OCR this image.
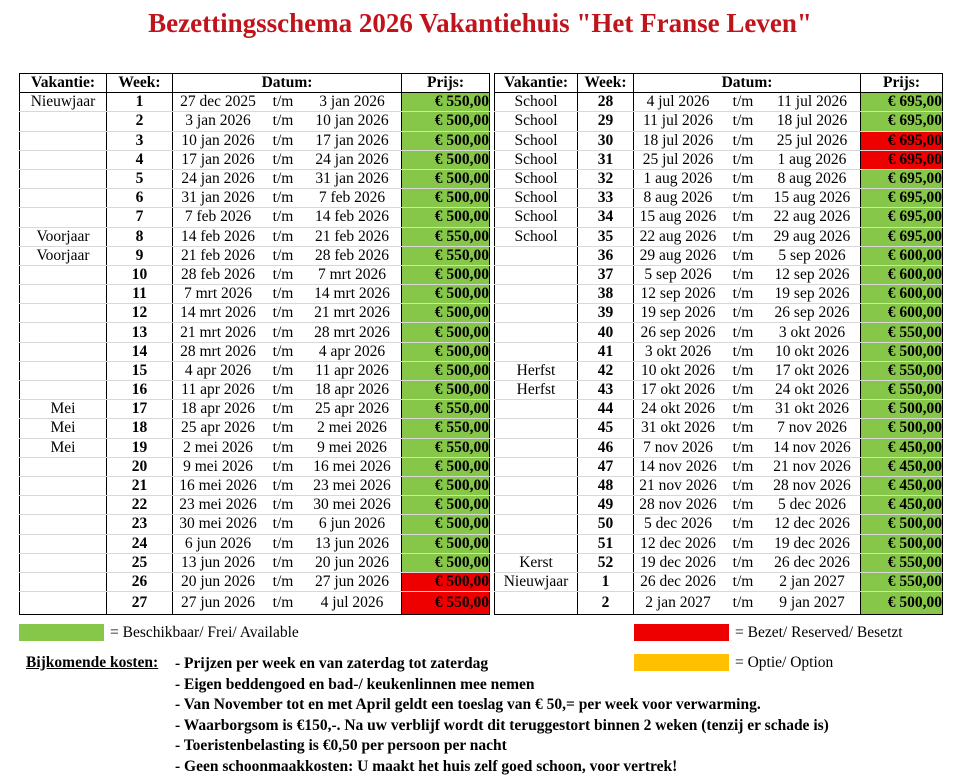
Bezettingsschema 2026 Vakantiehuis "Het Franse Leven"
Vakantie:	Week:	Datum:	Prijs:
Nieuwjaar	1	27 dec 2025 t/m 3 jan 2026	€ 550,00
	2	3 jan 2026 t/m 10 jan 2026	€ 500,00
	3	10 jan 2026 t/m 17 jan 2026	€ 500,00
	4	17 jan 2026 t/m 24 jan 2026	€ 500,00
	5	24 jan 2026 t/m 31 jan 2026	€ 500,00
	6	31 jan 2026 t/m 7 feb 2026	€ 500,00
	7	7 feb 2026 t/m 14 feb 2026	€ 500,00
Voorjaar	8	14 feb 2026 t/m 21 feb 2026	€ 550,00
Voorjaar	9	21 feb 2026 t/m 28 feb 2026	€ 550,00
	10	28 feb 2026 t/m 7 mrt 2026	€ 500,00
	11	7 mrt 2026 t/m 14 mrt 2026	€ 500,00
	12	14 mrt 2026 t/m 21 mrt 2026	€ 500,00
	13	21 mrt 2026 t/m 28 mrt 2026	€ 500,00
	14	28 mrt 2026 t/m 4 apr 2026	€ 500,00
	15	4 apr 2026 t/m 11 apr 2026	€ 500,00
	16	11 apr 2026 t/m 18 apr 2026	€ 500,00
Mei	17	18 apr 2026 t/m 25 apr 2026	€ 550,00
Mei	18	25 apr 2026 t/m 2 mei 2026	€ 550,00
Mei	19	2 mei 2026 t/m 9 mei 2026	€ 550,00
	20	9 mei 2026 t/m 16 mei 2026	€ 500,00
	21	16 mei 2026 t/m 23 mei 2026	€ 500,00
	22	23 mei 2026 t/m 30 mei 2026	€ 500,00
	23	30 mei 2026 t/m 6 jun 2026	€ 500,00
	24	6 jun 2026 t/m 13 jun 2026	€ 500,00
	25	13 jun 2026 t/m 20 jun 2026	€ 500,00
	26	20 jun 2026 t/m 27 jun 2026	€ 500,00
	27	27 jun 2026 t/m 4 jul 2026	€ 550,00
Vakantie:	Week:	Datum:	Prijs:
School	28	4 jul 2026 t/m 11 jul 2026	€ 695,00
School	29	11 jul 2026 t/m 18 jul 2026	€ 695,00
School	30	18 jul 2026 t/m 25 jul 2026	€ 695,00
School	31	25 jul 2026 t/m 1 aug 2026	€ 695,00
School	32	1 aug 2026 t/m 8 aug 2026	€ 695,00
School	33	8 aug 2026 t/m 15 aug 2026	€ 695,00
School	34	15 aug 2026 t/m 22 aug 2026	€ 695,00
School	35	22 aug 2026 t/m 29 aug 2026	€ 695,00
	36	29 aug 2026 t/m 5 sep 2026	€ 600,00
	37	5 sep 2026 t/m 12 sep 2026	€ 600,00
	38	12 sep 2026 t/m 19 sep 2026	€ 600,00
	39	19 sep 2026 t/m 26 sep 2026	€ 600,00
	40	26 sep 2026 t/m 3 okt 2026	€ 550,00
	41	3 okt 2026 t/m 10 okt 2026	€ 500,00
Herfst	42	10 okt 2026 t/m 17 okt 2026	€ 550,00
Herfst	43	17 okt 2026 t/m 24 okt 2026	€ 550,00
	44	24 okt 2026 t/m 31 okt 2026	€ 500,00
	45	31 okt 2026 t/m 7 nov 2026	€ 500,00
	46	7 nov 2026 t/m 14 nov 2026	€ 450,00
	47	14 nov 2026 t/m 21 nov 2026	€ 450,00
	48	21 nov 2026 t/m 28 nov 2026	€ 450,00
	49	28 nov 2026 t/m 5 dec 2026	€ 450,00
	50	5 dec 2026 t/m 12 dec 2026	€ 500,00
	51	12 dec 2026 t/m 19 dec 2026	€ 500,00
Kerst	52	19 dec 2026 t/m 26 dec 2026	€ 550,00
Nieuwjaar	1	26 dec 2026 t/m 2 jan 2027	€ 550,00
	2	2 jan 2027 t/m 9 jan 2027	€ 500,00
= Beschikbaar/ Frei/ Available	= Bezet/ Reserved/ Besetzt
= Optie/ Option
Bijkomende kosten: - Prijzen per week en van zaterdag tot zaterdag
- Eigen beddengoed en bad-/ keukenlinnen mee nemen
- Van November tot en met April geldt een toeslag van € 50,= per week voor verwarming.
- Waarborgsom is €150,-. Na uw verblijf wordt dit teruggestort binnen 2 weken (tenzij er schade is)
- Toeristenbelasting is €0,50 per persoon per nacht
- Geen schoonmaakkosten: U maakt het huis zelf goed schoon, voor vertrek!
